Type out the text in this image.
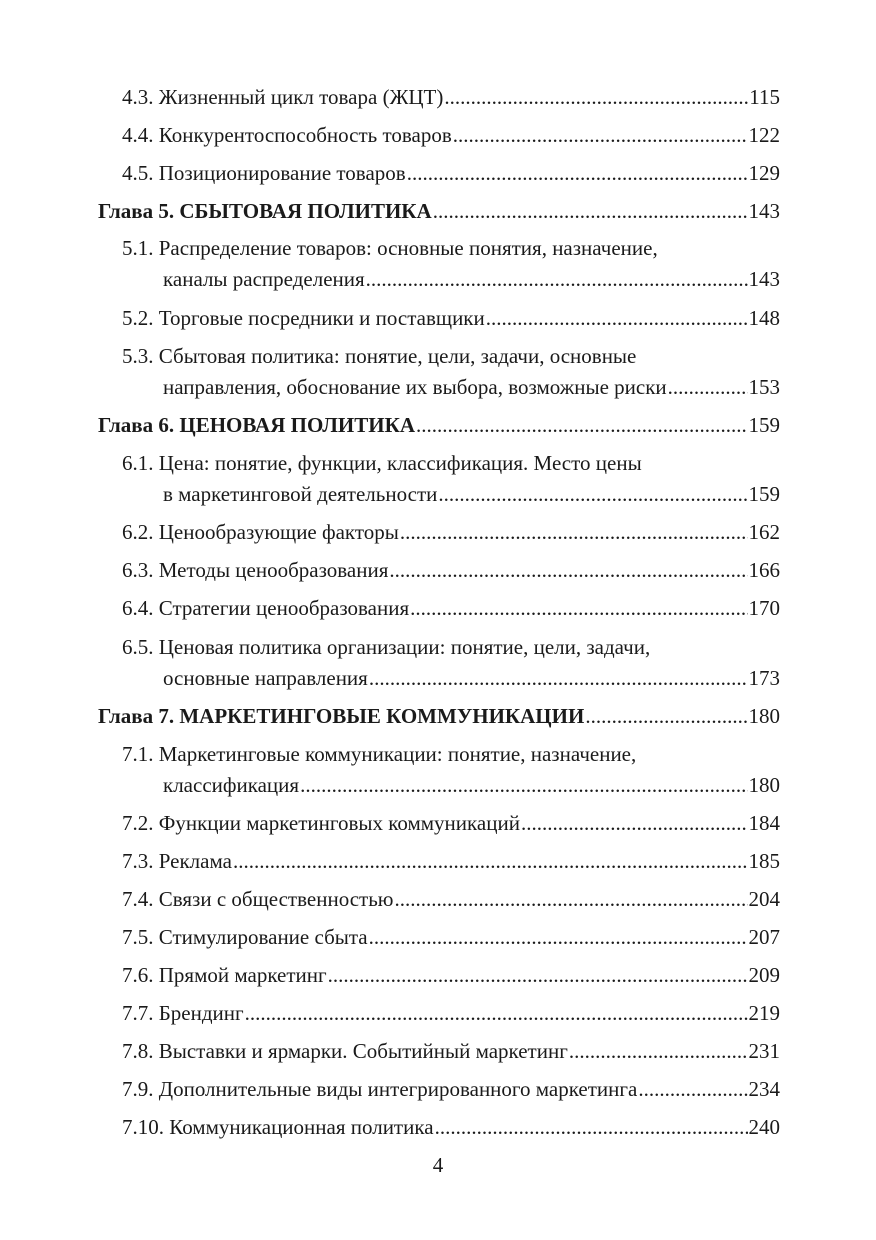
4.3. Жизненный цикл товара (ЖЦТ) .....	115
4.4. Конкурентоспособность товаров .....	122
4.5. Позиционирование товаров .....	129
Глава 5. СБЫТОВАЯ ПОЛИТИКА .....	143
5.1. Распределение товаров: основные понятия, назначение,
каналы распределения .....	143
5.2. Торговые посредники и поставщики .....	148
5.3. Сбытовая политика: понятие, цели, задачи, основные
направления, обоснование их выбора, возможные риски .....	153
Глава 6. ЦЕНОВАЯ ПОЛИТИКА .....	159
6.1. Цена: понятие, функции, классификация. Место цены
в маркетинговой деятельности .....	159
6.2. Ценообразующие факторы .....	162
6.3. Методы ценообразования .....	166
6.4. Стратегии ценообразования .....	170
6.5. Ценовая политика организации: понятие, цели, задачи,
основные направления .....	173
Глава 7. МАРКЕТИНГОВЫЕ КОММУНИКАЦИИ .....	180
7.1. Маркетинговые коммуникации: понятие, назначение,
классификация .....	180
7.2. Функции маркетинговых коммуникаций .....	184
7.3. Реклама .....	185
7.4. Связи с общественностью .....	204
7.5. Стимулирование сбыта .....	207
7.6. Прямой маркетинг .....	209
7.7. Брендинг .....	219
7.8. Выставки и ярмарки. Событийный маркетинг .....	231
7.9. Дополнительные виды интегрированного маркетинга .....	234
7.10. Коммуникационная политика .....	240
4
